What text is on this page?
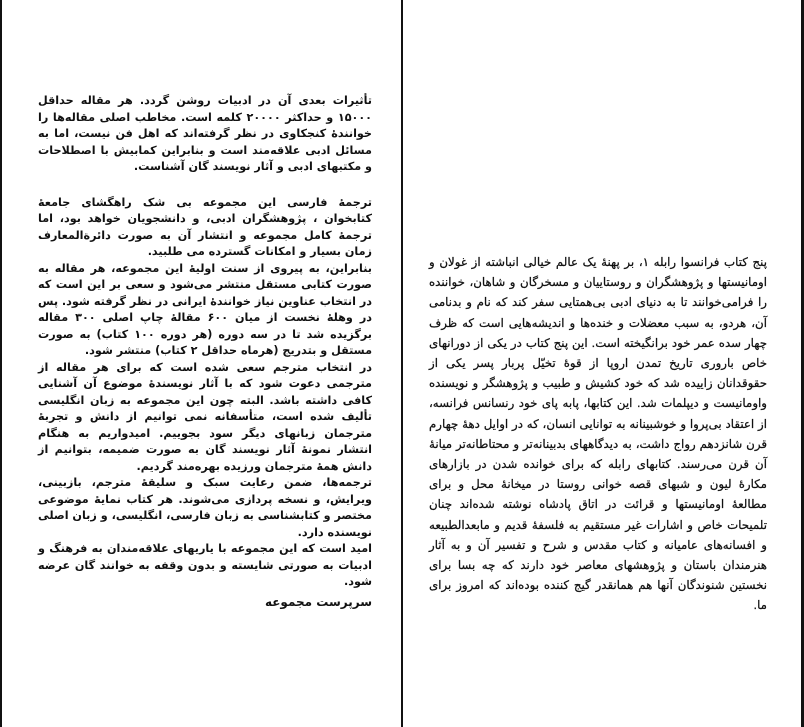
تأثیرات بعدی آن در ادبیات روشن گردد. هر مقاله حداقل ۱۵۰۰۰ و حداکثر ۲۰۰۰۰ کلمه است. مخاطب اصلی مقاله‌ها را خوانندهٔ کنجکاوی در نظر گرفته‌اند که اهل فن نیست، اما به مسائل ادبی علاقه‌مند است و بنابراین کمابیش با اصطلاحات و مکتبهای ادبی و آثار نویسند گان آشناست.

ترجمهٔ فارسی این مجموعه بی شک راهگشای جامعهٔ کتابخوان ، پژوهشگران ادبی، و دانشجویان خواهد بود، اما ترجمهٔ کامل مجموعه و انتشار آن به صورت دائرةالمعارف زمان بسیار و امکانات گسترده می طلبید.

بنابراین، به پیروی از سنت اولیهٔ این مجموعه، هر مقاله به صورت کتابی مستقل منتشر می‌شود و سعی بر این است که در انتخاب عناوین نیاز خوانندهٔ ایرانی در نظر گرفته شود. پس در وهلهٔ نخست از میان ۶۰۰ مقالهٔ چاپ اصلی ۳۰۰ مقاله برگزیده شد تا در سه دوره (هر دوره ۱۰۰ کتاب) به صورت مستقل و بتدریج (هرماه حداقل ۲ کتاب) منتشر شود.

در انتخاب مترجم سعی شده است که برای هر مقاله از مترجمی دعوت شود که با آثار نویسندهٔ موضوع آن آشنایی کافی داشته باشد. البته چون این مجموعه به زبان انگلیسی تألیف شده است، متأسفانه نمی توانیم از دانش و تجربهٔ مترجمان زبانهای دیگر سود بجوییم. امیدواریم به هنگام انتشار نمونهٔ آثار نویسند گان به صورت ضمیمه، بتوانیم از دانش همهٔ مترجمان ورزیده بهره‌مند گردیم.

ترجمه‌ها، ضمن رعایت سبک و سلیقهٔ مترجم، بازبینی، ویرایش، و نسخه پردازی می‌شوند. هر کتاب نمایهٔ موضوعی مختصر و کتابشناسی به زبان فارسی، انگلیسی، و زبان اصلی نویسنده دارد.

امید است که این مجموعه با یاریهای علاقه‌مندان به فرهنگ و ادبیات به صورتی شایسته و بدون وقفه به خوانند گان عرضه شود.

سرپرست مجموعه

پنج کتاب فرانسوا رابله ۱، بر پهنهٔ یک عالم خیالی انباشته از غولان و اومانیستها و پژوهشگران و روستاییان و مسخرگان و شاهان، خواننده را فرامی‌خوانند تا به دنیای ادبی بی‌همتایی سفر کند که نام و بدنامی آن، هردو، به سبب معضلات و خنده‌ها و اندیشه‌هایی است که ظرف چهار سده عمر خود برانگیخته است. این پنج کتاب در یکی از دورانهای خاص باروری تاریخ تمدن اروپا از قوهٔ تخیّل پربار پسر یکی از حقوقدانان زاییده شد که خود کشیش و طبیب و پژوهشگر و نویسنده واومانیست و دیپلمات شد. این کتابها، پابه پای خود رنسانس فرانسه، از اعتقاد بی‌پروا و خوشبینانه به توانایی انسان، که در اوایل دههٔ چهارم قرن شانزدهم رواج داشت، به دیدگاههای بدبینانه‌تر و محتاطانه‌تر میانهٔ آن قرن می‌رسند. کتابهای رابله که برای خوانده شدن در بازارهای مکارهٔ لیون و شبهای قصه خوانی روستا در میخانهٔ محل و برای مطالعهٔ اومانیستها و قرائت در اتاق پادشاه نوشته شده‌اند چنان تلمیحات خاص و اشارات غیر مستقیم به فلسفهٔ قدیم و مابعدالطبیعه و افسانه‌های عامیانه و کتاب مقدس و شرح و تفسیر آن و به آثار هنرمندان باستان و پژوهشهای معاصر خود دارند که چه بسا برای نخستین شنوندگان آنها هم همانقدر گیج کننده بوده‌اند که امروز برای ما.
